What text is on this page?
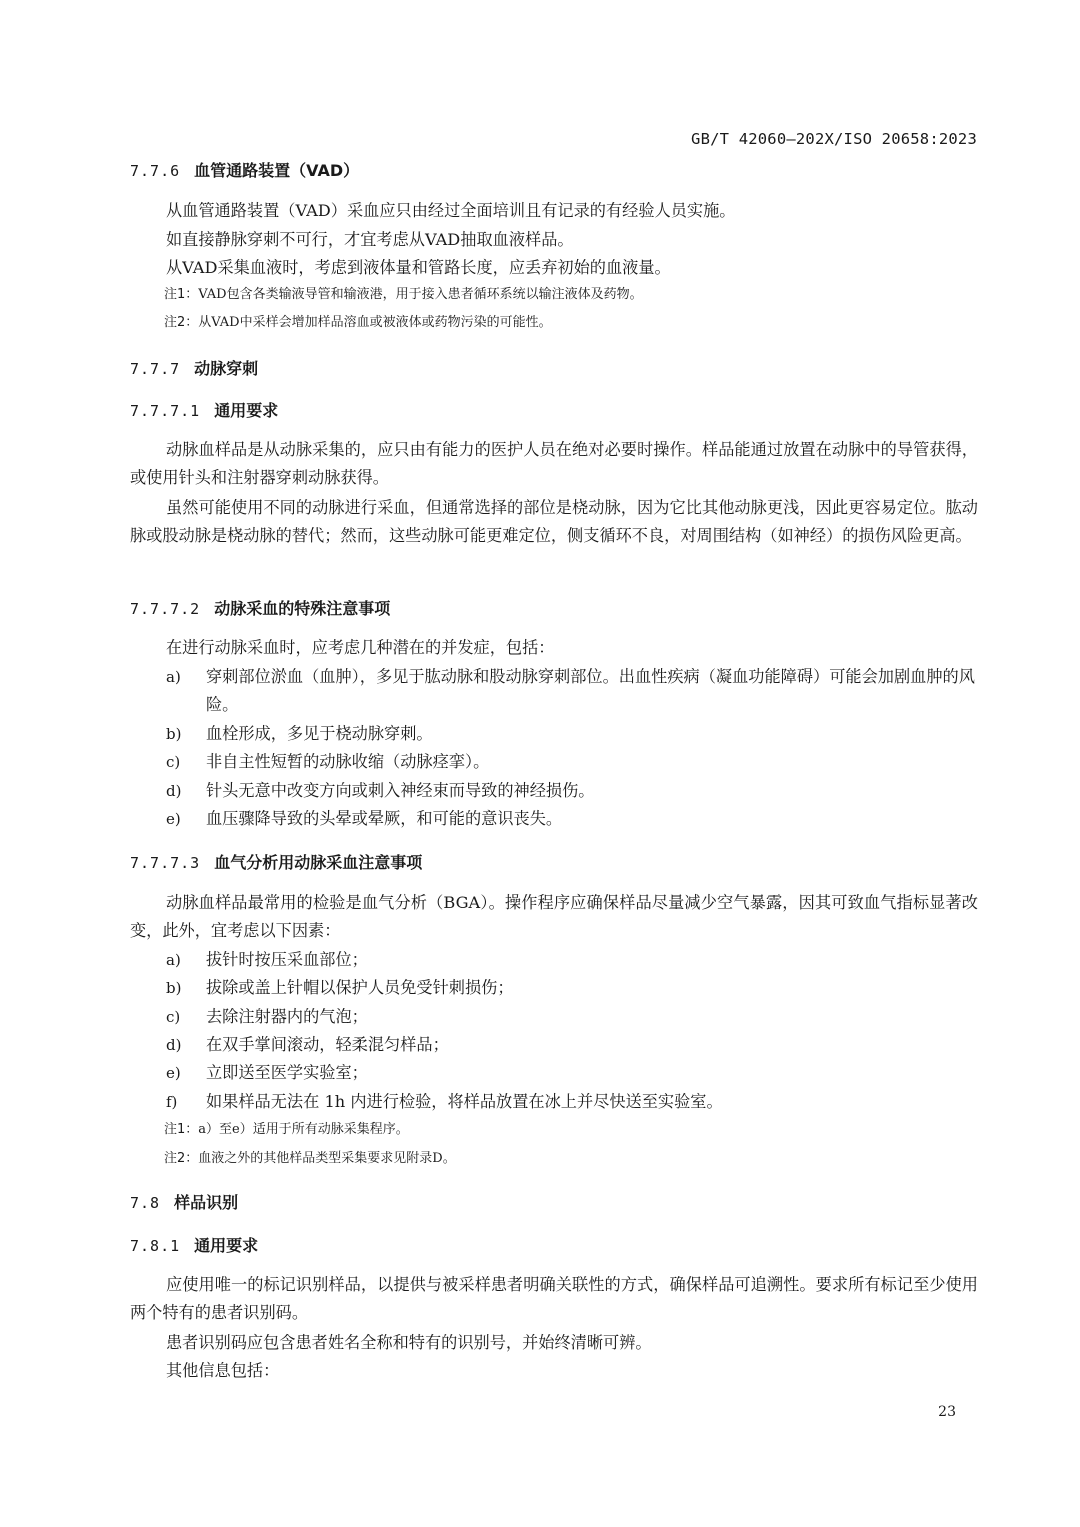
GB/T 42060—202X/ISO 20658:2023
7.7.6 血管通路装置（VAD）
从血管通路装置（VAD）采血应只由经过全面培训且有记录的有经验人员实施。
如直接静脉穿刺不可行，才宜考虑从VAD抽取血液样品。
从VAD采集血液时，考虑到液体量和管路长度，应丢弃初始的血液量。
注1：VAD包含各类输液导管和输液港，用于接入患者循环系统以输注液体及药物。
注2：从VAD中采样会增加样品溶血或被液体或药物污染的可能性。
7.7.7 动脉穿刺
7.7.7.1 通用要求
动脉血样品是从动脉采集的，应只由有能力的医护人员在绝对必要时操作。样品能通过放置在动脉中的导管获得，或使用针头和注射器穿刺动脉获得。
虽然可能使用不同的动脉进行采血，但通常选择的部位是桡动脉，因为它比其他动脉更浅，因此更容易定位。肱动脉或股动脉是桡动脉的替代；然而，这些动脉可能更难定位，侧支循环不良，对周围结构（如神经）的损伤风险更高。
7.7.7.2 动脉采血的特殊注意事项
在进行动脉采血时，应考虑几种潜在的并发症，包括：
a) 穿刺部位淤血（血肿），多见于肱动脉和股动脉穿刺部位。出血性疾病（凝血功能障碍）可能会加剧血肿的风险。
b) 血栓形成，多见于桡动脉穿刺。
c) 非自主性短暂的动脉收缩（动脉痉挛）。
d) 针头无意中改变方向或刺入神经束而导致的神经损伤。
e) 血压骤降导致的头晕或晕厥，和可能的意识丧失。
7.7.7.3 血气分析用动脉采血注意事项
动脉血样品最常用的检验是血气分析（BGA）。操作程序应确保样品尽量减少空气暴露，因其可致血气指标显著改变，此外，宜考虑以下因素：
a) 拔针时按压采血部位；
b) 拔除或盖上针帽以保护人员免受针刺损伤；
c) 去除注射器内的气泡；
d) 在双手掌间滚动，轻柔混匀样品；
e) 立即送至医学实验室；
f) 如果样品无法在 1h 内进行检验，将样品放置在冰上并尽快送至实验室。
注1：a）至e）适用于所有动脉采集程序。
注2：血液之外的其他样品类型采集要求见附录D。
7.8 样品识别
7.8.1 通用要求
应使用唯一的标记识别样品，以提供与被采样患者明确关联性的方式，确保样品可追溯性。要求所有标记至少使用两个特有的患者识别码。
患者识别码应包含患者姓名全称和特有的识别号，并始终清晰可辨。
其他信息包括：
23
